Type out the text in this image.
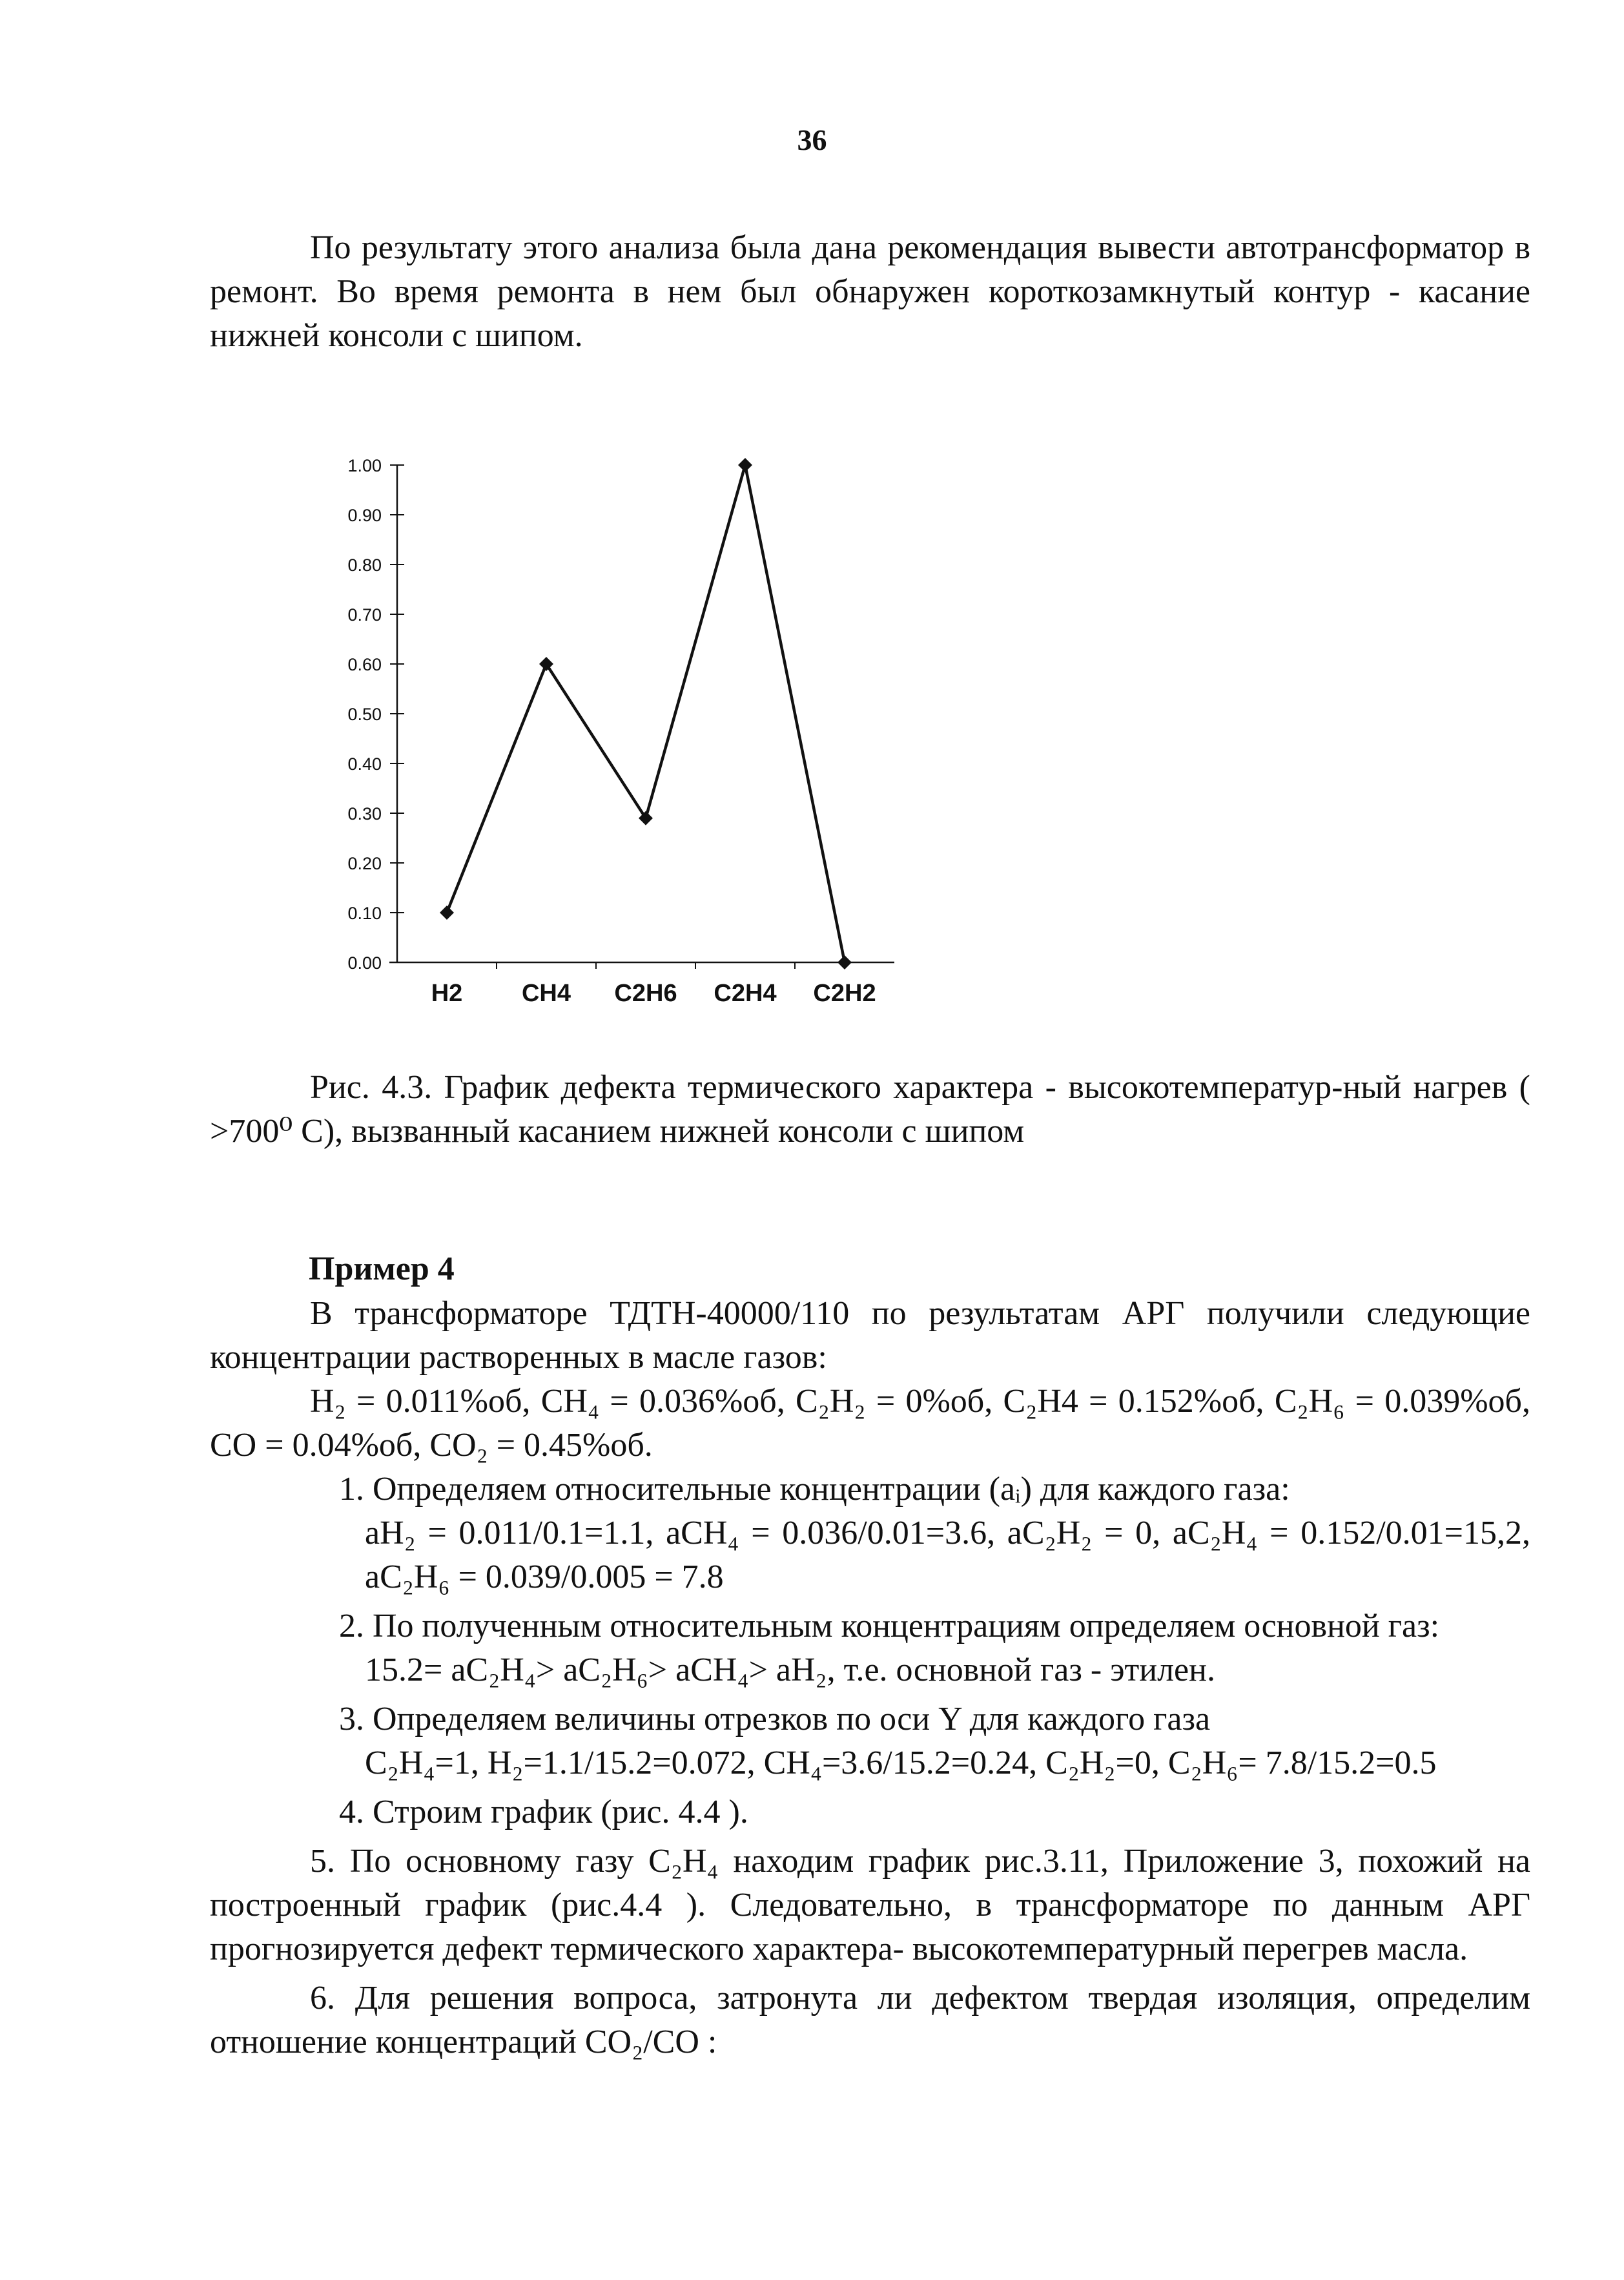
36
По результату этого анализа была дана рекомендация вывести автотрансформатор в ремонт. Во время ремонта в нем был обнаружен короткозамкнутый контур - касание нижней консоли с шипом.
0.00
0.10
0.20
0.30
0.40
0.50
0.60
0.70
0.80
0.90
1.00
H2 CH4 C2H6 C2H4 C2H2
Рис. 4.3. График дефекта термического характера - высокотемператур-ный нагрев ( >700⁰ C), вызванный касанием нижней консоли с шипом
Пример 4
В трансформаторе ТДТН-40000/110 по результатам АРГ получили следующие концентрации растворенных в масле газов:
H₂ = 0.011%об, CH₄ = 0.036%об, C₂H₂ = 0%об, C₂H4 = 0.152%об, C₂H₆ = 0.039%об, CO = 0.04%об, CO₂ = 0.45%об.
1. Определяем относительные концентрации (aᵢ) для каждого газа:
aH₂ = 0.011/0.1=1.1, aCH₄ = 0.036/0.01=3.6, aC₂H₂ = 0, aC₂H₄ = 0.152/0.01=15,2, aC₂H₆ = 0.039/0.005 = 7.8
2. По полученным относительным концентрациям определяем основной газ:
15.2= aC₂H₄> aC₂H₆> aCH₄> aH₂, т.е. основной газ - этилен.
3. Определяем величины отрезков по оси Y для каждого газа
C₂H₄=1, H₂=1.1/15.2=0.072, CH₄=3.6/15.2=0.24, C₂H₂=0, C₂H₆= 7.8/15.2=0.5
4. Строим график (рис. 4.4 ).
5. По основному газу C₂H₄ находим график рис.3.11, Приложение 3, похожий на построенный график (рис.4.4 ). Следовательно, в трансформаторе по данным АРГ прогнозируется дефект термического характера- высокотемпературный перегрев масла.
6. Для решения вопроса, затронута ли дефектом твердая изоляция, определим отношение концентраций CO₂/CO :
